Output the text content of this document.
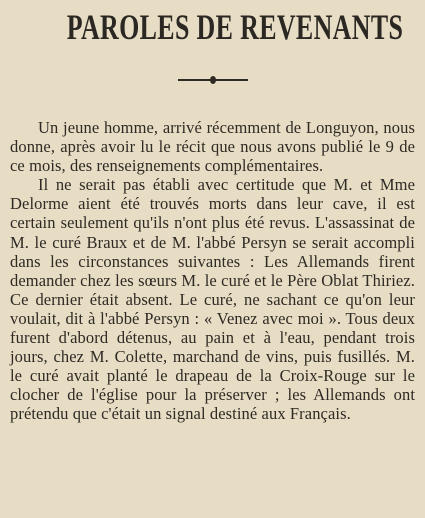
PAROLES DE REVENANTS

Un jeune homme, arrivé récemment de Longuyon, nous donne, après avoir lu le récit que nous avons publié le 9 de ce mois, des renseignements complémentaires.

Il ne serait pas établi avec certitude que M. et Mme Delorme aient été trouvés morts dans leur cave, il est certain seulement qu'ils n'ont plus été revus. L'assassinat de M. le curé Braux et de M. l'abbé Persyn se serait accompli dans les circonstances suivantes : Les Allemands firent demander chez les sœurs M. le curé et le Père Oblat Thiriez. Ce dernier était absent. Le curé, ne sachant ce qu'on leur voulait, dit à l'abbé Persyn : « Venez avec moi ». Tous deux furent d'abord détenus, au pain et à l'eau, pendant trois jours, chez M. Colette, marchand de vins, puis fusillés. M. le curé avait planté le drapeau de la Croix-Rouge sur le clocher de l'église pour la préserver ; les Allemands ont prétendu que c'était un signal destiné aux Français.
